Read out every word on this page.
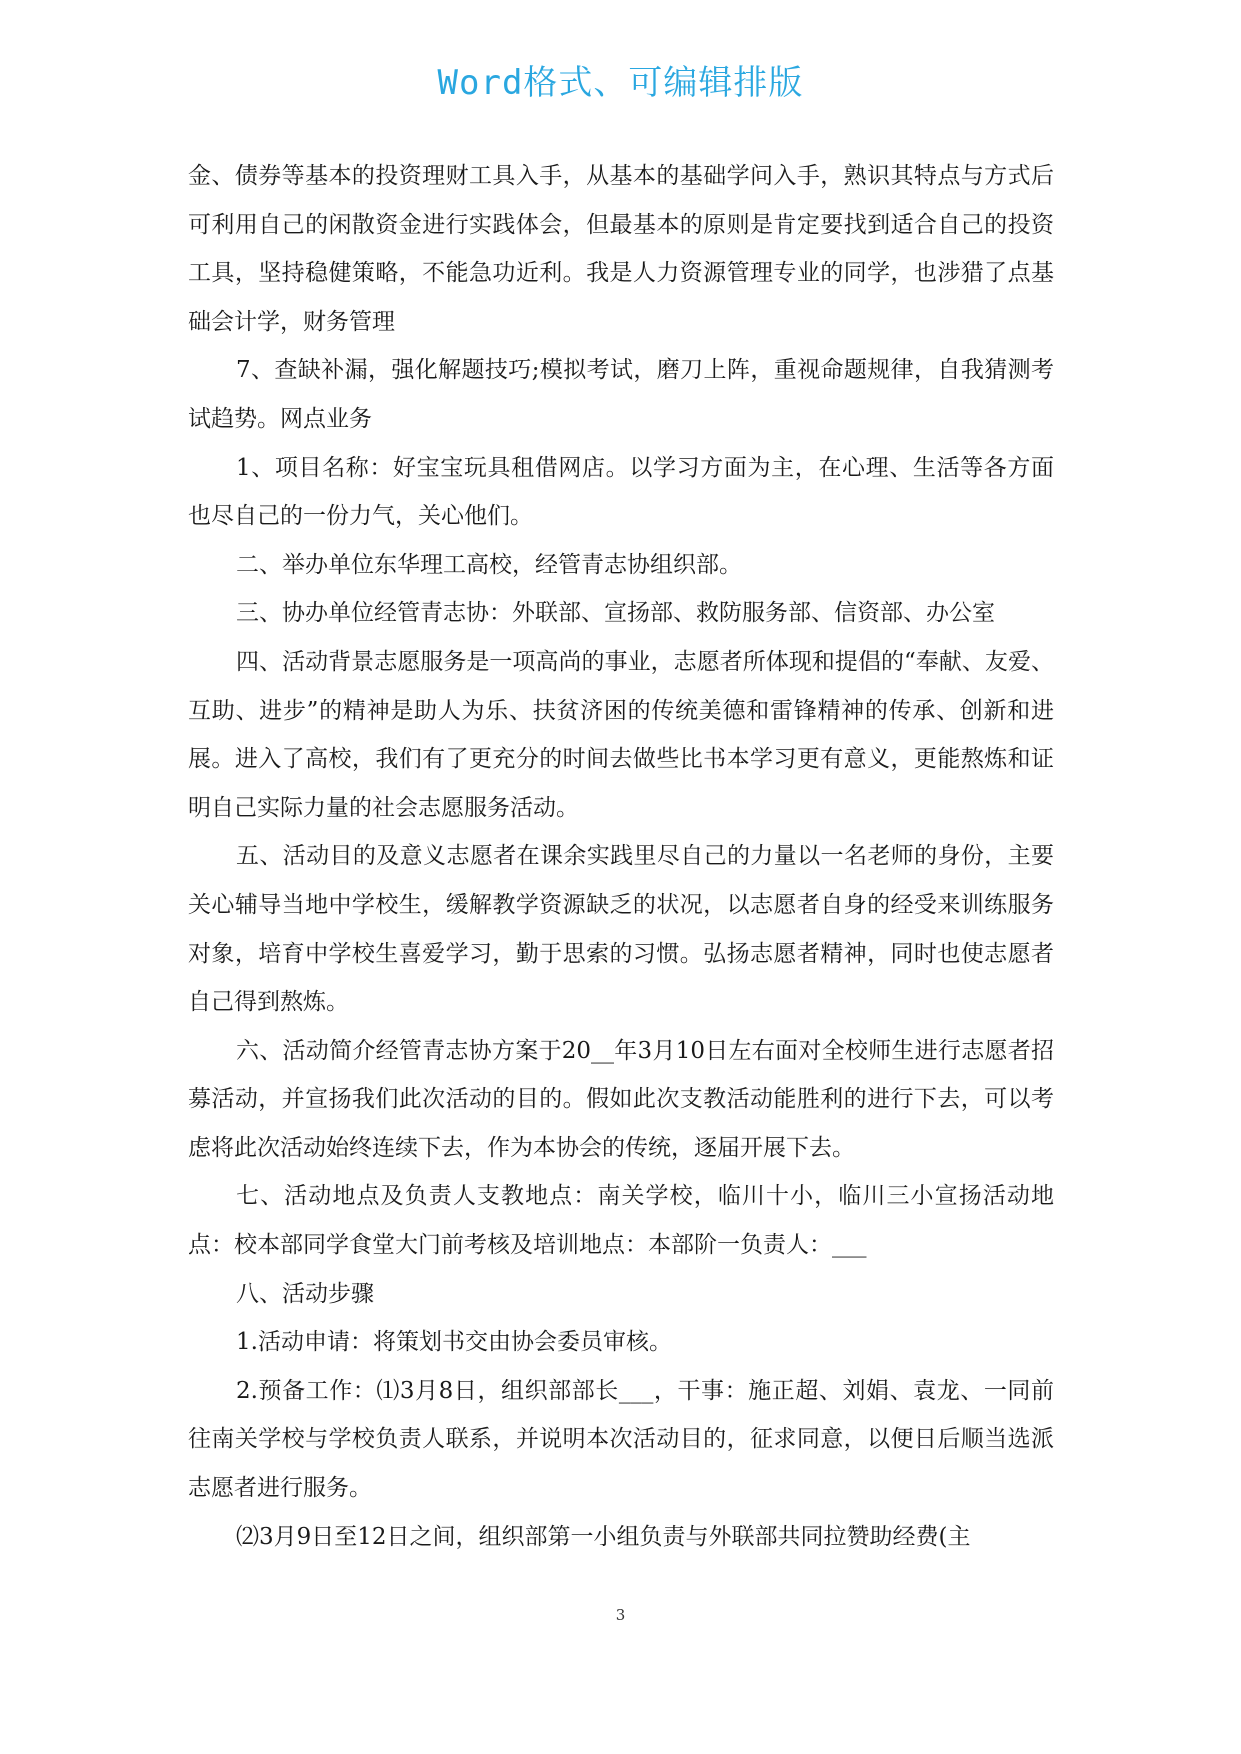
Word格式、可编辑排版

金、债券等基本的投资理财工具入手，从基本的基础学问入手，熟识其特点与方式后可利用自己的闲散资金进行实践体会，但最基本的原则是肯定要找到适合自己的投资工具，坚持稳健策略，不能急功近利。我是人力资源管理专业的同学，也涉猎了点基础会计学，财务管理

7、查缺补漏，强化解题技巧;模拟考试，磨刀上阵，重视命题规律，自我猜测考试趋势。网点业务

1、项目名称：好宝宝玩具租借网店。以学习方面为主，在心理、生活等各方面也尽自己的一份力气，关心他们。

二、举办单位东华理工高校，经管青志协组织部。

三、协办单位经管青志协：外联部、宣扬部、救防服务部、信资部、办公室

四、活动背景志愿服务是一项高尚的事业，志愿者所体现和提倡的“奉献、友爱、互助、进步”的精神是助人为乐、扶贫济困的传统美德和雷锋精神的传承、创新和进展。进入了高校，我们有了更充分的时间去做些比书本学习更有意义，更能熬炼和证明自己实际力量的社会志愿服务活动。

五、活动目的及意义志愿者在课余实践里尽自己的力量以一名老师的身份，主要关心辅导当地中学校生，缓解教学资源缺乏的状况，以志愿者自身的经受来训练服务对象，培育中学校生喜爱学习，勤于思索的习惯。弘扬志愿者精神，同时也使志愿者自己得到熬炼。

六、活动简介经管青志协方案于20__年3月10日左右面对全校师生进行志愿者招募活动，并宣扬我们此次活动的目的。假如此次支教活动能胜利的进行下去，可以考虑将此次活动始终连续下去，作为本协会的传统，逐届开展下去。

七、活动地点及负责人支教地点：南关学校，临川十小，临川三小宣扬活动地点：校本部同学食堂大门前考核及培训地点：本部阶一负责人：___

八、活动步骤

1.活动申请：将策划书交由协会委员审核。

2.预备工作：⑴3月8日，组织部部长___，干事：施正超、刘娟、袁龙、一同前往南关学校与学校负责人联系，并说明本次活动目的，征求同意，以便日后顺当选派志愿者进行服务。

⑵3月9日至12日之间，组织部第一小组负责与外联部共同拉赞助经费(主

3
